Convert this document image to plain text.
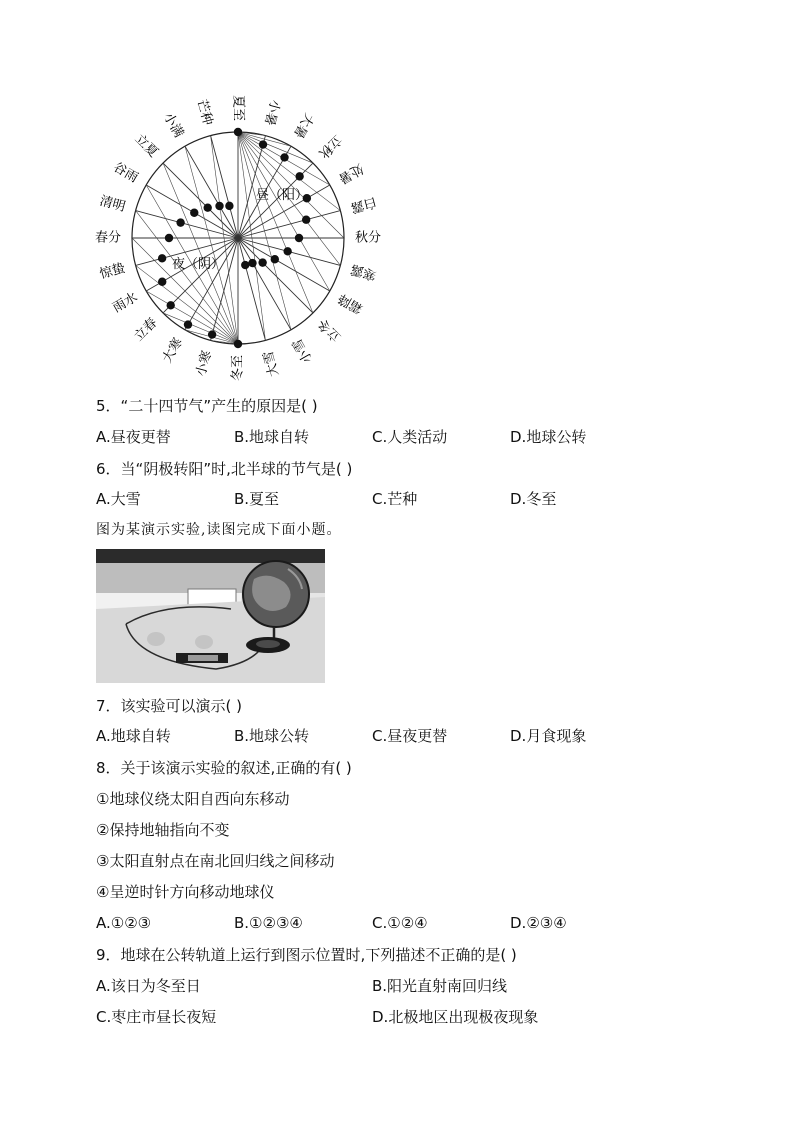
夏至 小暑 大暑
立秋
处暑
白露
秋分
寒露
霜降
立冬
小雪
大雪
冬至
小寒
大寒
立春
雨水
惊蛰
春分
清明
谷雨
立夏
小满 芒种
昼（阳）
夜（阴）
5．“二十四节气”产生的原因是( )
A.昼夜更替	B.地球自转	C.人类活动	D.地球公转
6．当“阴极转阳”时,北半球的节气是( )
A.大雪	B.夏至	C.芒种	D.冬至
图为某演示实验,读图完成下面小题。
7．该实验可以演示( )
A.地球自转	B.地球公转	C.昼夜更替	D.月食现象
8．关于该演示实验的叙述,正确的有( )
①地球仪绕太阳自西向东移动
②保持地轴指向不变
③太阳直射点在南北回归线之间移动
④呈逆时针方向移动地球仪
A.①②③	B.①②③④	C.①②④	D.②③④
9．地球在公转轨道上运行到图示位置时,下列描述不正确的是( )
A.该日为冬至日	B.阳光直射南回归线
C.枣庄市昼长夜短	D.北极地区出现极夜现象
